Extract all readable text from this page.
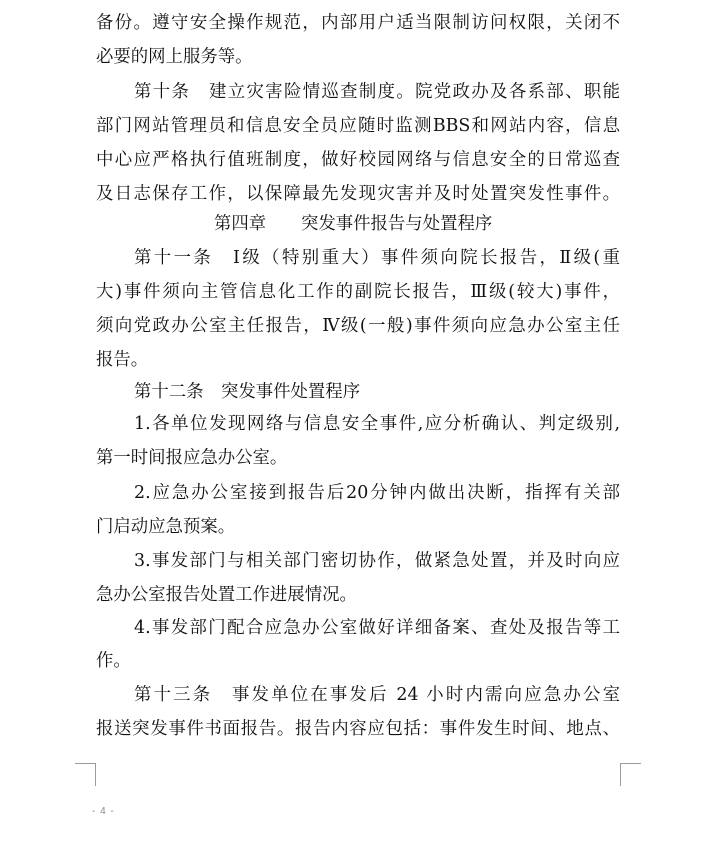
备份。遵守安全操作规范，内部用户适当限制访问权限，关闭不
必要的网上服务等。
第十条　建立灾害险情巡查制度。院党政办及各系部、职能
部门网站管理员和信息安全员应随时监测BBS和网站内容，信息
中心应严格执行值班制度，做好校园网络与信息安全的日常巡查
及日志保存工作，以保障最先发现灾害并及时处置突发性事件。
第四章　　突发事件报告与处置程序
第十一条　Ⅰ级（特别重大）事件须向院长报告，Ⅱ级(重
大)事件须向主管信息化工作的副院长报告，Ⅲ级(较大)事件，
须向党政办公室主任报告，Ⅳ级(一般)事件须向应急办公室主任
报告。
第十二条　突发事件处置程序
1.各单位发现网络与信息安全事件,应分析确认、判定级别,
第一时间报应急办公室。
2.应急办公室接到报告后20分钟内做出决断，指挥有关部
门启动应急预案。
3.事发部门与相关部门密切协作，做紧急处置，并及时向应
急办公室报告处置工作进展情况。
4.事发部门配合应急办公室做好详细备案、查处及报告等工
作。
第十三条　事发单位在事发后 24 小时内需向应急办公室
报送突发事件书面报告。报告内容应包括：事件发生时间、地点、
- 4 -
